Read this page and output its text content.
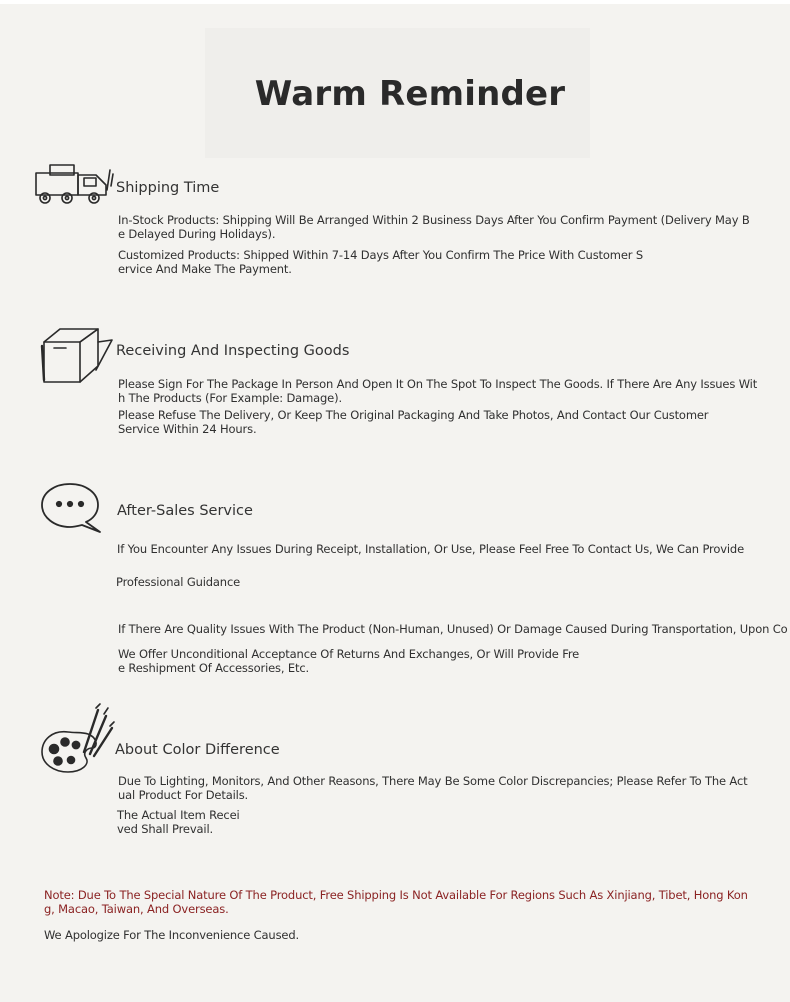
Warm Reminder
Shipping Time
In-Stock Products: Shipping Will Be Arranged Within 2 Business Days After You Confirm Payment (Delivery May B
e Delayed During Holidays).
Customized Products: Shipped Within 7-14 Days After You Confirm The Price With Customer S
ervice And Make The Payment.
Receiving And Inspecting Goods
Please Sign For The Package In Person And Open It On The Spot To Inspect The Goods. If There Are Any Issues Wit
h The Products (For Example: Damage).
Please Refuse The Delivery, Or Keep The Original Packaging And Take Photos, And Contact Our Customer
Service Within 24 Hours.
After-Sales Service
If You Encounter Any Issues During Receipt, Installation, Or Use, Please Feel Free To Contact Us, We Can Provide
Professional Guidance
If There Are Quality Issues With The Product (Non-Human, Unused) Or Damage Caused During Transportation, Upon Co
We Offer Unconditional Acceptance Of Returns And Exchanges, Or Will Provide Fre
e Reshipment Of Accessories, Etc.
About Color Difference
Due To Lighting, Monitors, And Other Reasons, There May Be Some Color Discrepancies; Please Refer To The Act
ual Product For Details.
The Actual Item Recei
ved Shall Prevail.
Note: Due To The Special Nature Of The Product, Free Shipping Is Not Available For Regions Such As Xinjiang, Tibet, Hong Kon
g, Macao, Taiwan, And Overseas.
We Apologize For The Inconvenience Caused.
